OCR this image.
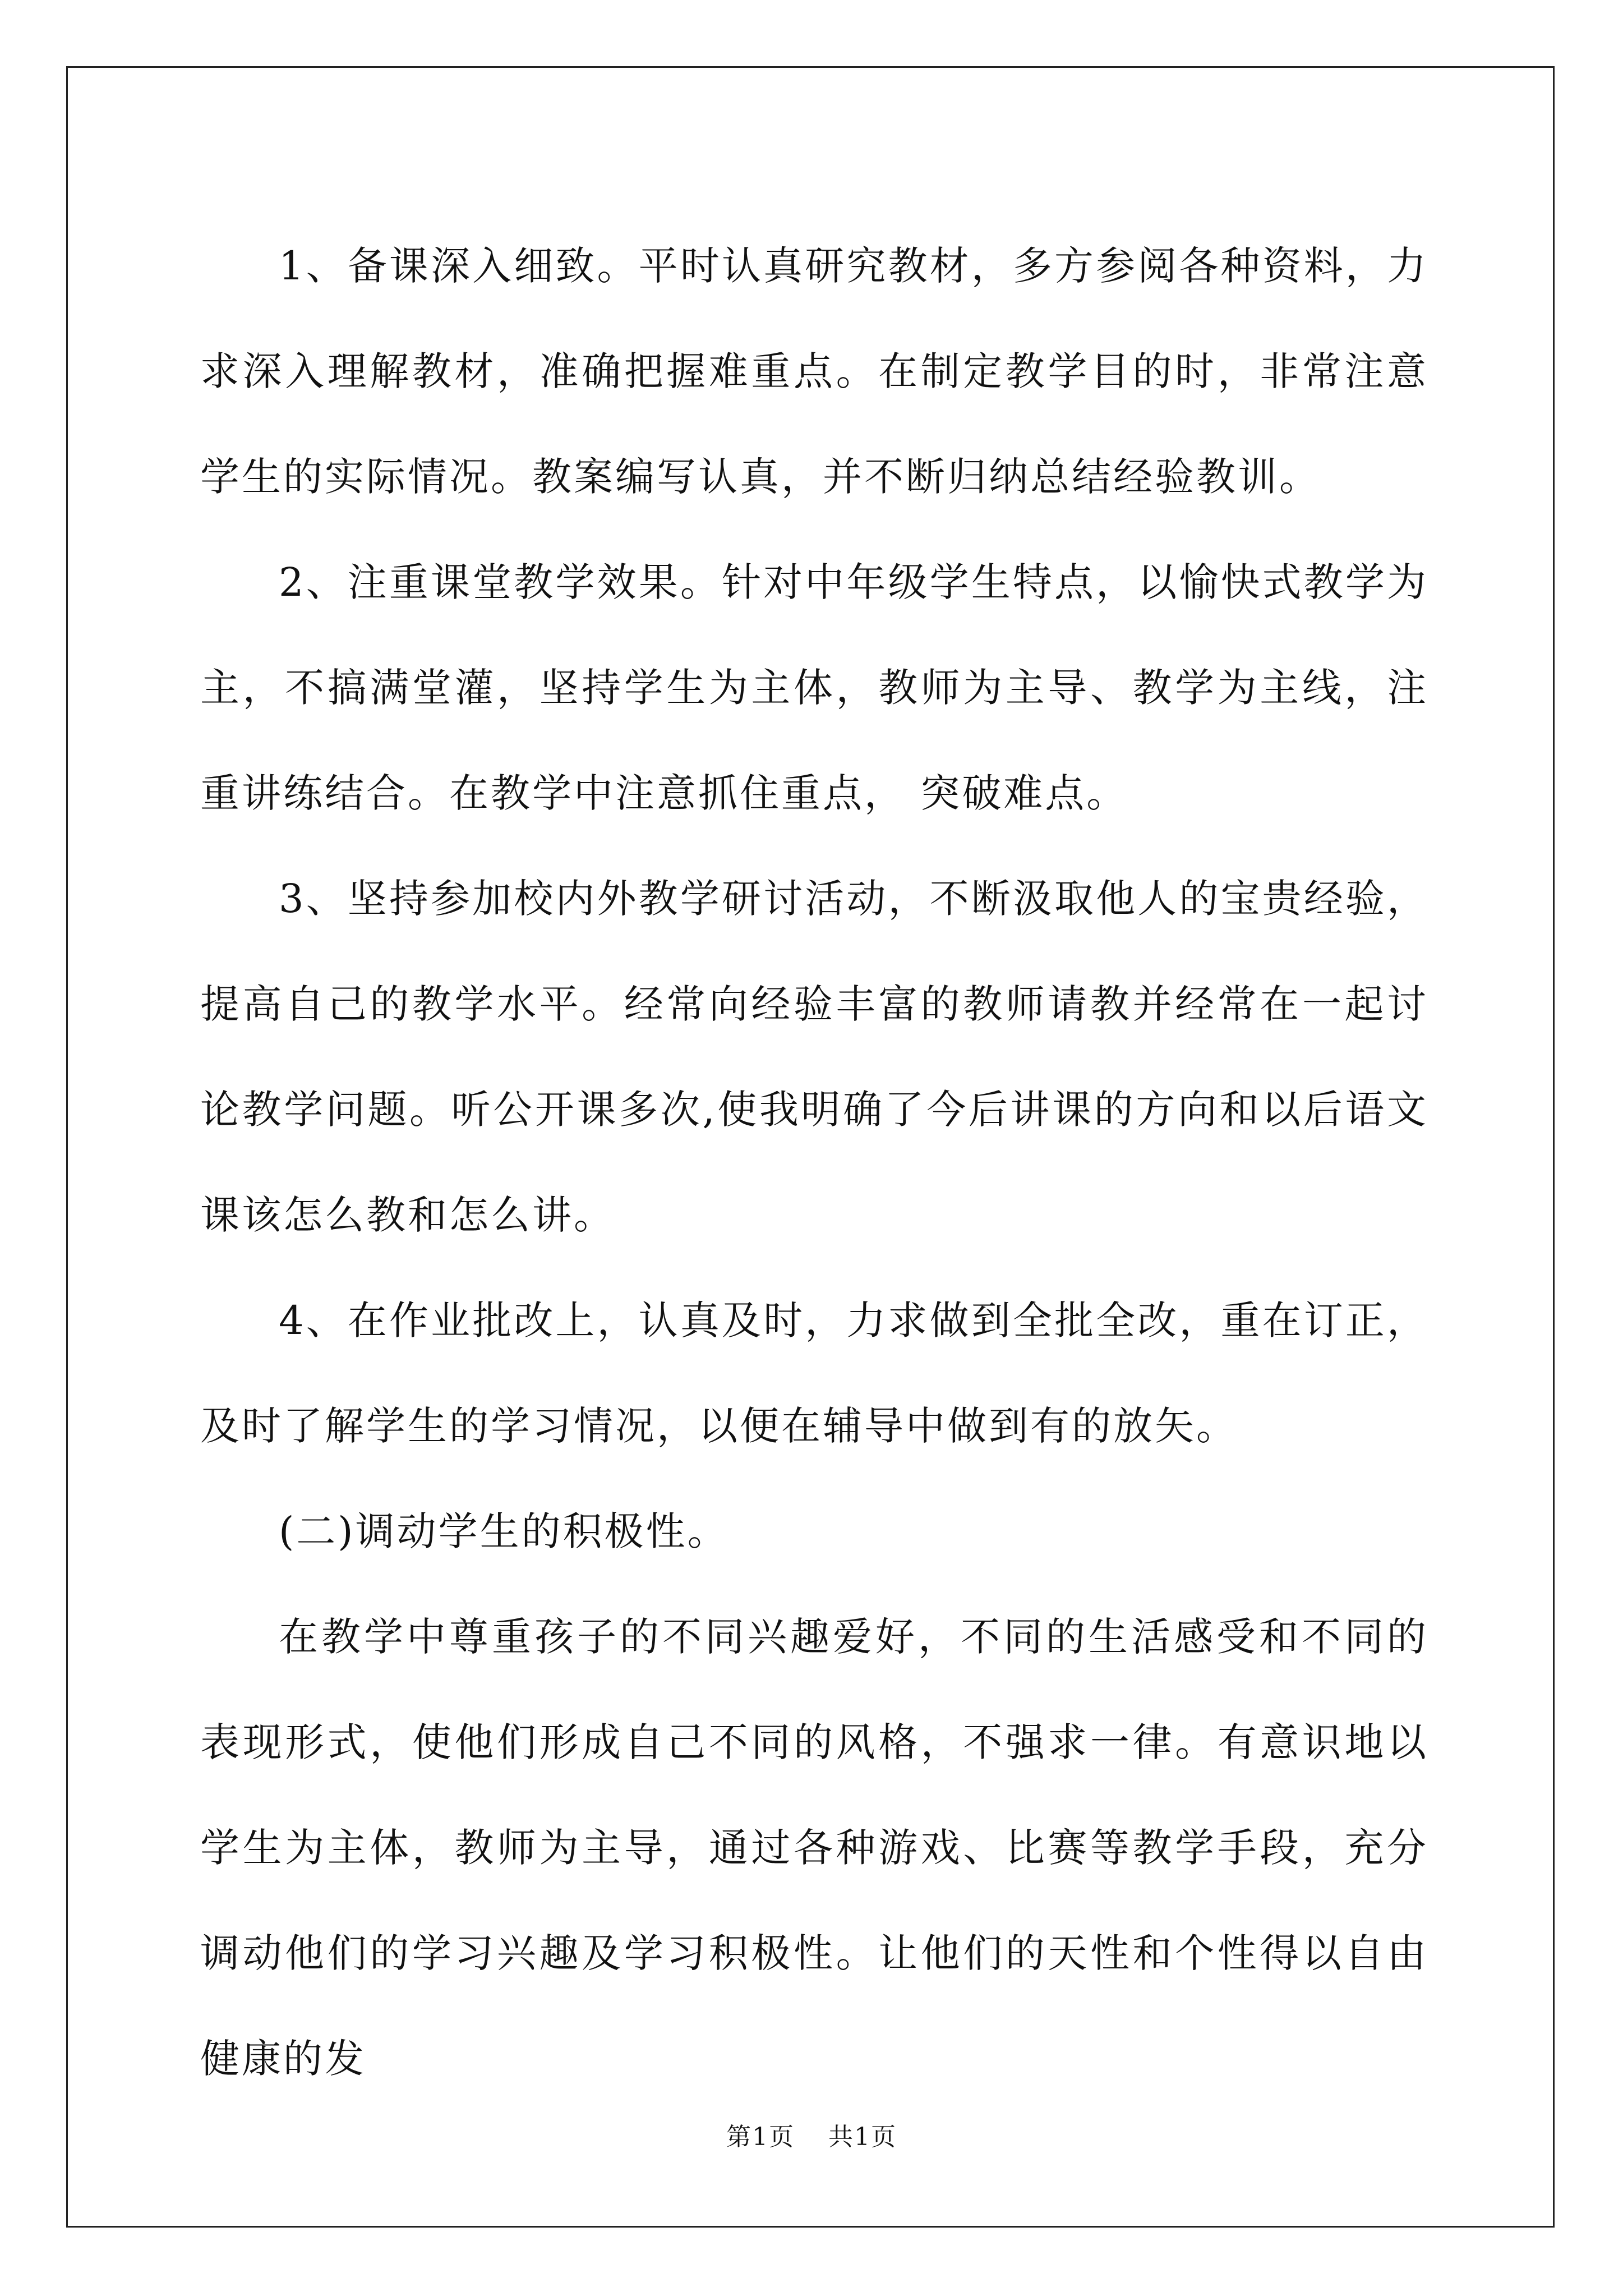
1、备课深入细致。平时认真研究教材，多方参阅各种资料，力求深入理解教材，准确把握难重点。在制定教学目的时，非常注意学生的实际情况。教案编写认真，并不断归纳总结经验教训。

2、注重课堂教学效果。针对中年级学生特点，以愉快式教学为主，不搞满堂灌，坚持学生为主体，教师为主导、教学为主线，注重讲练结合。在教学中注意抓住重点， 突破难点。

3、坚持参加校内外教学研讨活动，不断汲取他人的宝贵经验，提高自己的教学水平。经常向经验丰富的教师请教并经常在一起讨论教学问题。听公开课多次,使我明确了今后讲课的方向和以后语文课该怎么教和怎么讲。

4、在作业批改上，认真及时，力求做到全批全改，重在订正，及时了解学生的学习情况，以便在辅导中做到有的放矢。

(二)调动学生的积极性。

在教学中尊重孩子的不同兴趣爱好，不同的生活感受和不同的表现形式，使他们形成自己不同的风格，不强求一律。有意识地以学生为主体，教师为主导，通过各种游戏、比赛等教学手段，充分调动他们的学习兴趣及学习积极性。让他们的天性和个性得以自由健康的发

第1页 共1页
